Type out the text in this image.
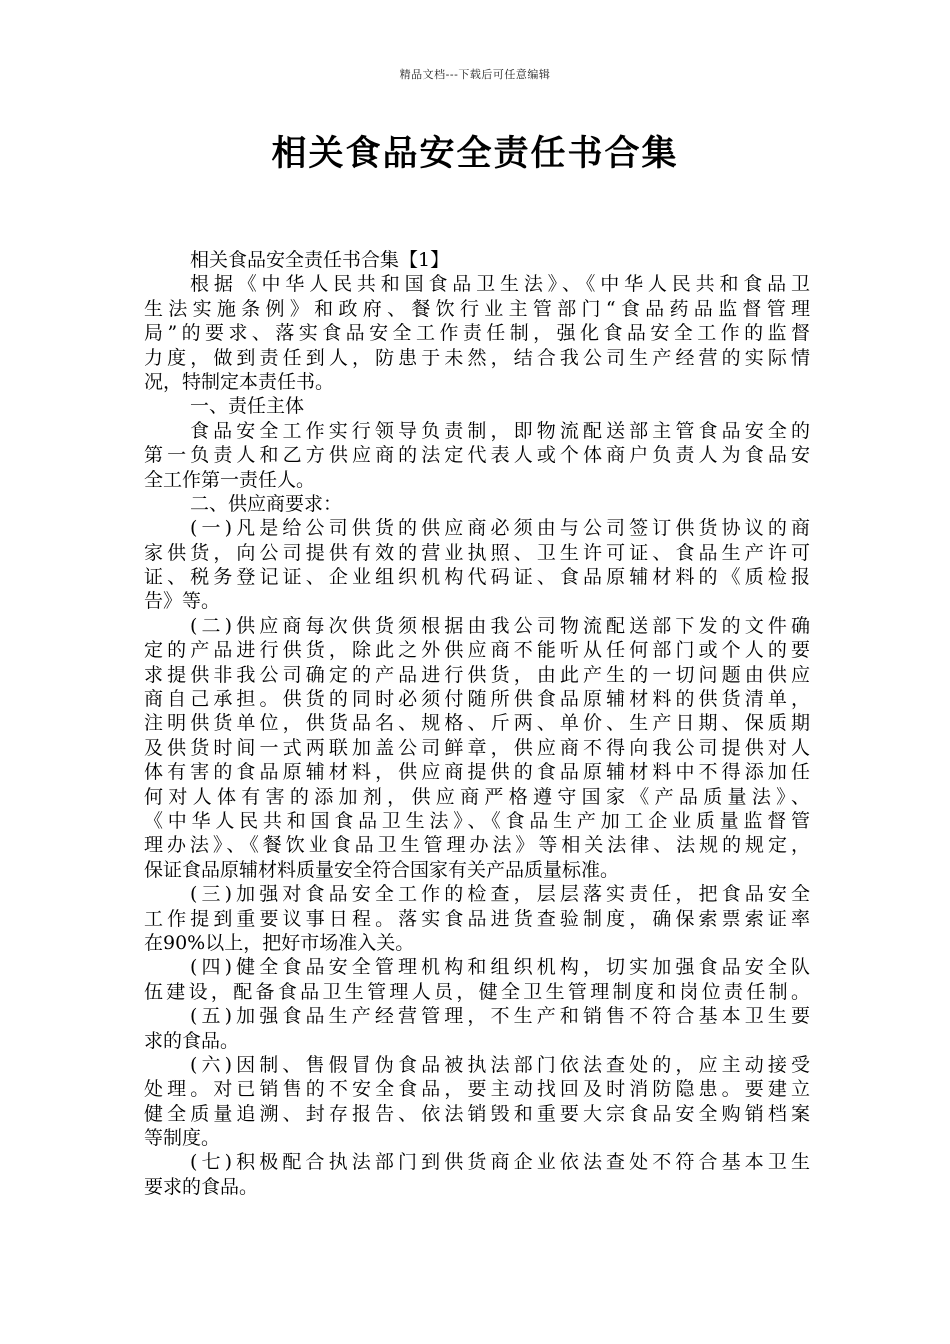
精品文档---下载后可任意编辑
相关食品安全责任书合集
相关食品安全责任书合集【1】
根据《中华人民共和国食品卫生法》、《中华人民共和食品卫
生法实施条例》和政府、餐饮行业主管部门“食品药品监督管理
局”的要求、落实食品安全工作责任制，强化食品安全工作的监督
力度，做到责任到人，防患于未然，结合我公司生产经营的实际情
况，特制定本责任书。
一、责任主体
食品安全工作实行领导负责制，即物流配送部主管食品安全的
第一负责人和乙方供应商的法定代表人或个体商户负责人为食品安
全工作第一责任人。
二、供应商要求：
(一)凡是给公司供货的供应商必须由与公司签订供货协议的商
家供货，向公司提供有效的营业执照、卫生许可证、食品生产许可
证、税务登记证、企业组织机构代码证、食品原辅材料的《质检报
告》等。
(二)供应商每次供货须根据由我公司物流配送部下发的文件确
定的产品进行供货，除此之外供应商不能听从任何部门或个人的要
求提供非我公司确定的产品进行供货，由此产生的一切问题由供应
商自己承担。供货的同时必须付随所供食品原辅材料的供货清单，
注明供货单位，供货品名、规格、斤两、单价、生产日期、保质期
及供货时间一式两联加盖公司鲜章，供应商不得向我公司提供对人
体有害的食品原辅材料，供应商提供的食品原辅材料中不得添加任
何对人体有害的添加剂，供应商严格遵守国家《产品质量法》、
《中华人民共和国食品卫生法》、《食品生产加工企业质量监督管
理办法》、《餐饮业食品卫生管理办法》等相关法律、法规的规定，
保证食品原辅材料质量安全符合国家有关产品质量标准。
(三)加强对食品安全工作的检查，层层落实责任，把食品安全
工作提到重要议事日程。落实食品进货查验制度，确保索票索证率
在90%以上，把好市场准入关。
(四)健全食品安全管理机构和组织机构，切实加强食品安全队
伍建设，配备食品卫生管理人员，健全卫生管理制度和岗位责任制。
(五)加强食品生产经营管理，不生产和销售不符合基本卫生要
求的食品。
(六)因制、售假冒伪食品被执法部门依法查处的，应主动接受
处理。对已销售的不安全食品，要主动找回及时消防隐患。要建立
健全质量追溯、封存报告、依法销毁和重要大宗食品安全购销档案
等制度。
(七)积极配合执法部门到供货商企业依法查处不符合基本卫生
要求的食品。
